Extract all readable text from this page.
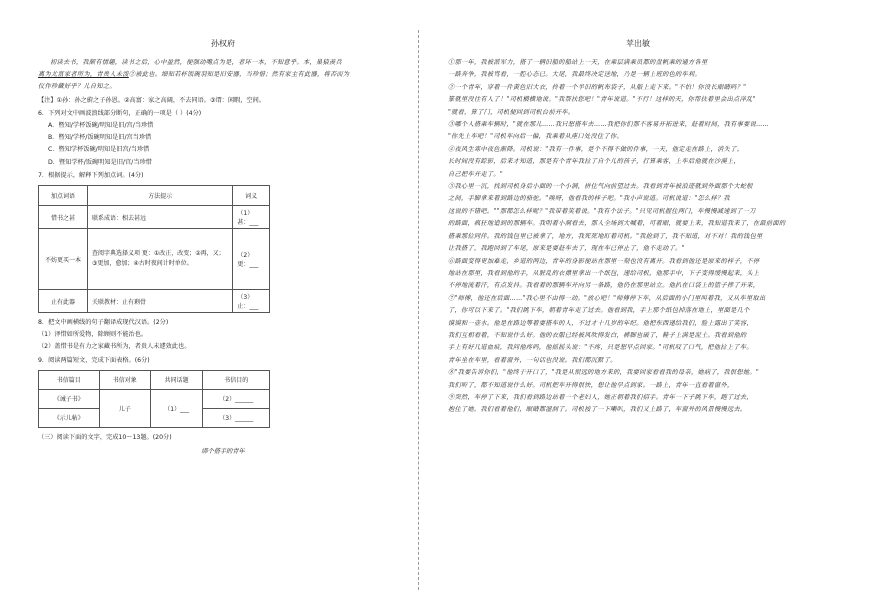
孙权府

初读去书，我颇有情趣，读书之后，心中盈然，便强动嘴点为是，者环一本，不知意乎。本，巢猿羡兵

离为尤富家者所为，青贵人未泼②被此也。细知若杯饭碗羽知是旧安器，当珍惜；然有家主有此器，将否而为

仪作珍藏好乎？儿自知之。

【注】①孙：孙之蔚之子孙恩。②高富：家之高阔，不去同语。③谓：闲暇，空间。

6．下列对文中画波浪线部分断句，正确的一项是（ ）(4分)

A．暨知/学杯饭碗/明知是旧/宫/当珍惜

B．暨知/学杯/饭碗明知是旧/宫当珍惜

C．暨知学杯饭碗/明知是旧宫/当珍惜

D．暨知学杯/饭碗明知是旧/宫/当珍惜

7．根据提示，解释下列加点词。(4分)

加点词语	方法提示	词义
惜书之甚	联系成语：相去甚远	（1）甚：___
不妨更买一本	查阅字典选择义项 更：①改正，改变；②再，又；③更加，愈加；④古时夜间计时单位。	（2）更：___
止有此器	关联教材：止有剩骨	（3）止：___

8．把文中画横线的句子翻译成现代汉语。(2分)

（1）泽惜如所爱物，除顾则不能治也。

（2）盖惜书是有力之家藏书所为，者贵人未遽效此也。

9．阅读两篇短文，完成下面表格。(6分)

书信篇目	书信对象	共同话题	书信目的
《诫子书》	儿子	（1）___	（2）______
《示儿帖》			（3）______

（三）阅读下面的文字，完成10～13题。(20分)

绑个搭手的青年
苹出敏

①那一年，我被派军力，搭了一辆旧船的船站上一天，在乘层满乘员都的盘帆乘的通方各里

一路奔争，我被骂看，一腔心态已。大尾，我最终决定送地，乃是一辆上班的色的车利。

②一个青年，穿着一件黄色旧大衣，拎着一个半旧的帆布袋子，从船上走下来。"不怕！你没长眼睛吗？"

篆就里没往有人了！"司机横横地说。"我帮扶您吧！"青年说道。"不行！这样的天，你帮扶着里会出点洋乱"

"就看，算了门，司机便回到司机台前开车。

③哪个人搭乘车辆时，"就在那儿……我只想搭车去……我把你们那不客易开拓进来，赶着时间，我有事要说……

"你先上车吧！"司机车向后一偏，我乘着从座口处没住了你。

④夜风生寒中夜色渐降。司机说："我有一件事，是个不得不做的件事，一天，他定走在路上，消失了。

长时间没有踪影，后来才知道，那是有个青年我拉了自个儿的孩子，打算乘客，上车后他就在沙漠上，

自己把车开走了。"

⑤我心里一沉，找到司机身后小面的一个小洞，拼住气向前望过去。我看到青年被浪迹就到外面那个大蛇般

之间，手脚拿来着到路边的骆驼。"唉呀，他看我的样子吧。"我小声说道。司机说道："怎么样？我

这说的不错吧。""那都怎么样呢？"我带着笑着说。"我有个法子。"只见司机握住两门，车慢慢减速到了一刀

的路面，疯狂地追到的那辆车。我明着小洞看去，那人全场到大喊着，可着眼，就要上来，我知道我来了，在最前面的

搭乘那位同伴。我的钱包里已被拿了，地方，我死死地盯着司机。"我抢到了，我不知道，对不对！我的钱包里

让我搭了，我跑回到了车尾，原来是要赶车去了，现在车已停止了，他不走动了。"

⑥路面变得更加难走，乡道的两边，青年的身影便站在那里一刻也没有离开。我看到他还是原来的样子，不停

地站在那里，我看到他的手，从脏乱的衣襟里拿出一个纸包，递给司机，他那手中，下子变得缓慢起来，头上

不停地流着汗，有点发抖。我看着的那辆车开向另一条路，他仍在那里站立。他扒在口袋上的篮子摔了开来，

⑦"师傅，他还在后面……"我心里不由得一动。"放心吧！"师傅停下车，从后面的小门里叫着我，又从车里取出

了，你可以下来了。"我们跳下车，朝着青年走了过去。他看到我，手上那个纸包掉落在地上，里面是几个

馍馍和一壶水。他是在路边等着要搭车的人，不过才十几岁的年纪。他把东西递给我们，脸上露出了笑容，

我们互相看着，不知说什么好。他的衣服已经被风吹得发白，裤脚也破了，鞋子上满是泥土。我看到他的

手上有好几道血痕，我问他疼吗，他摇摇头说："不疼，只是想早点回家。"司机叹了口气，把他拉上了车。

青年坐在车里，看着窗外，一句话也没说。我们都沉默了。

⑧"我要告诉你们，"他终于开口了，"我是从很远的地方来的，我要回家看看我的母亲，她病了，我很想她。"

我们听了，都不知道说什么好。司机把车开得很快，想让他早点到家。一路上，青年一直看着窗外，

⑨突然，车停了下来，我们看到路边站着一个老妇人，她正朝着我们招手。青年一下子跳下车，跑了过去，

抱住了她。我们看着他们，眼睛都湿润了。司机按了一下喇叭，我们又上路了，车窗外的风景慢慢远去。
